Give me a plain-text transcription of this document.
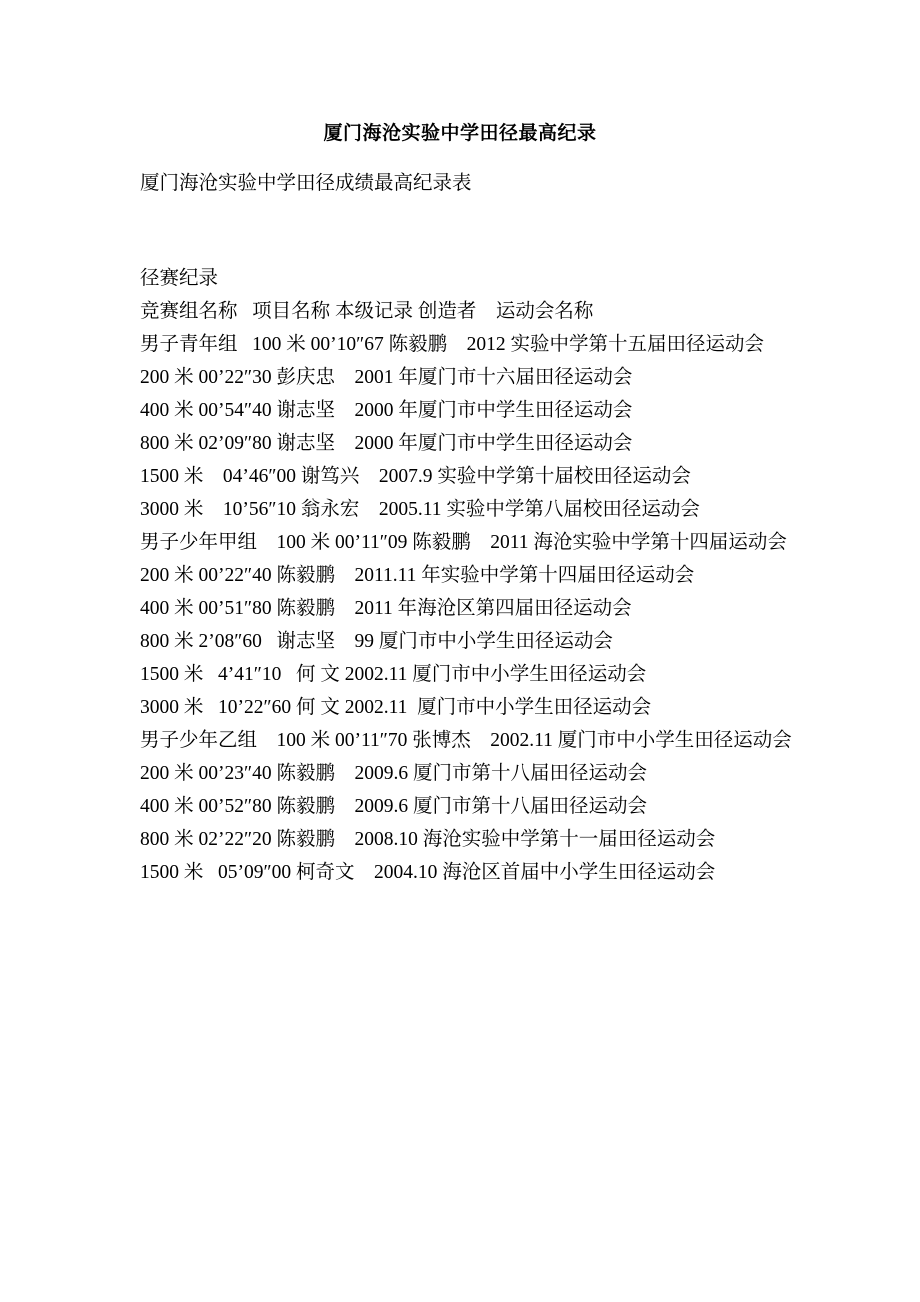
厦门海沧实验中学田径最高纪录

厦门海沧实验中学田径成绩最高纪录表

径赛纪录

竞赛组名称   项目名称 本级记录 创造者    运动会名称

男子青年组   100 米 00’10″67 陈毅鹏    2012 实验中学第十五届田径运动会

200 米 00’22″30 彭庆忠    2001 年厦门市十六届田径运动会

400 米 00’54″40 谢志坚    2000 年厦门市中学生田径运动会

800 米 02’09″80 谢志坚    2000 年厦门市中学生田径运动会

1500 米    04’46″00 谢笃兴    2007.9 实验中学第十届校田径运动会

3000 米    10’56″10 翁永宏    2005.11 实验中学第八届校田径运动会

男子少年甲组    100 米 00’11″09 陈毅鹏    2011 海沧实验中学第十四届运动会

200 米 00’22″40 陈毅鹏    2011.11 年实验中学第十四届田径运动会

400 米 00’51″80 陈毅鹏    2011 年海沧区第四届田径运动会

800 米 2’08″60   谢志坚    99 厦门市中小学生田径运动会

1500 米   4’41″10   何 文 2002.11 厦门市中小学生田径运动会

3000 米   10’22″60 何 文 2002.11  厦门市中小学生田径运动会

男子少年乙组    100 米 00’11″70 张博杰    2002.11 厦门市中小学生田径运动会

200 米 00’23″40 陈毅鹏    2009.6 厦门市第十八届田径运动会

400 米 00’52″80 陈毅鹏    2009.6 厦门市第十八届田径运动会

800 米 02’22″20 陈毅鹏    2008.10 海沧实验中学第十一届田径运动会

1500 米   05’09″00 柯奇文    2004.10 海沧区首届中小学生田径运动会
